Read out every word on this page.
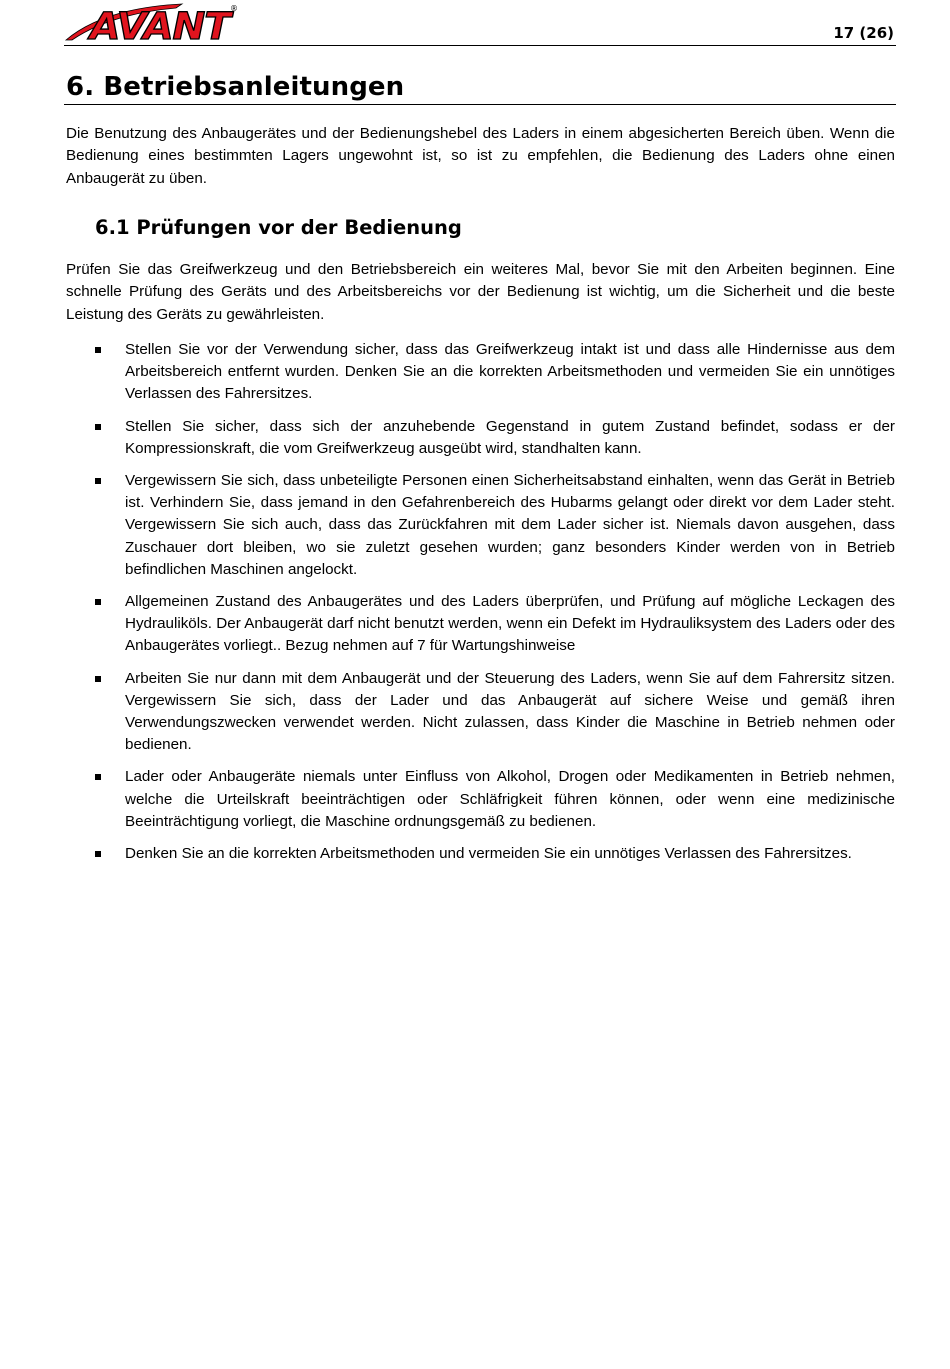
AVANT
®
17 (26)
6. Betriebsanleitungen

Die Benutzung des Anbaugerätes und der Bedienungshebel des Laders in einem abgesicherten Bereich üben. Wenn die Bedienung eines bestimmten Lagers ungewohnt ist, so ist zu empfehlen, die Bedienung des Laders ohne einen Anbaugerät zu üben.

6.1 Prüfungen vor der Bedienung

Prüfen Sie das Greifwerkzeug und den Betriebsbereich ein weiteres Mal, bevor Sie mit den Arbeiten beginnen. Eine schnelle Prüfung des Geräts und des Arbeitsbereichs vor der Bedienung ist wichtig, um die Sicherheit und die beste Leistung des Geräts zu gewährleisten.

Stellen Sie vor der Verwendung sicher, dass das Greifwerkzeug intakt ist und dass alle Hindernisse aus dem Arbeitsbereich entfernt wurden. Denken Sie an die korrekten Arbeitsmethoden und vermeiden Sie ein unnötiges Verlassen des Fahrersitzes.
Stellen Sie sicher, dass sich der anzuhebende Gegenstand in gutem Zustand befindet, sodass er der Kompressionskraft, die vom Greifwerkzeug ausgeübt wird, standhalten kann.
Vergewissern Sie sich, dass unbeteiligte Personen einen Sicherheitsabstand einhalten, wenn das Gerät in Betrieb ist. Verhindern Sie, dass jemand in den Gefahrenbereich des Hubarms gelangt oder direkt vor dem Lader steht. Vergewissern Sie sich auch, dass das Zurückfahren mit dem Lader sicher ist. Niemals davon ausgehen, dass Zuschauer dort bleiben, wo sie zuletzt gesehen wurden; ganz besonders Kinder werden von in Betrieb befindlichen Maschinen angelockt.
Allgemeinen Zustand des Anbaugerätes und des Laders überprüfen, und Prüfung auf mögliche Leckagen des Hydrauliköls. Der Anbaugerät darf nicht benutzt werden, wenn ein Defekt im Hydrauliksystem des Laders oder des Anbaugerätes vorliegt.. Bezug nehmen auf 7 für Wartungshinweise
Arbeiten Sie nur dann mit dem Anbaugerät und der Steuerung des Laders, wenn Sie auf dem Fahrersitz sitzen. Vergewissern Sie sich, dass der Lader und das Anbaugerät auf sichere Weise und gemäß ihren Verwendungszwecken verwendet werden. Nicht zulassen, dass Kinder die Maschine in Betrieb nehmen oder bedienen.
Lader oder Anbaugeräte niemals unter Einfluss von Alkohol, Drogen oder Medikamenten in Betrieb nehmen, welche die Urteilskraft beeinträchtigen oder Schläfrigkeit führen können, oder wenn eine medizinische Beeinträchtigung vorliegt, die Maschine ordnungsgemäß zu bedienen.
Denken Sie an die korrekten Arbeitsmethoden und vermeiden Sie ein unnötiges Verlassen des Fahrersitzes.
